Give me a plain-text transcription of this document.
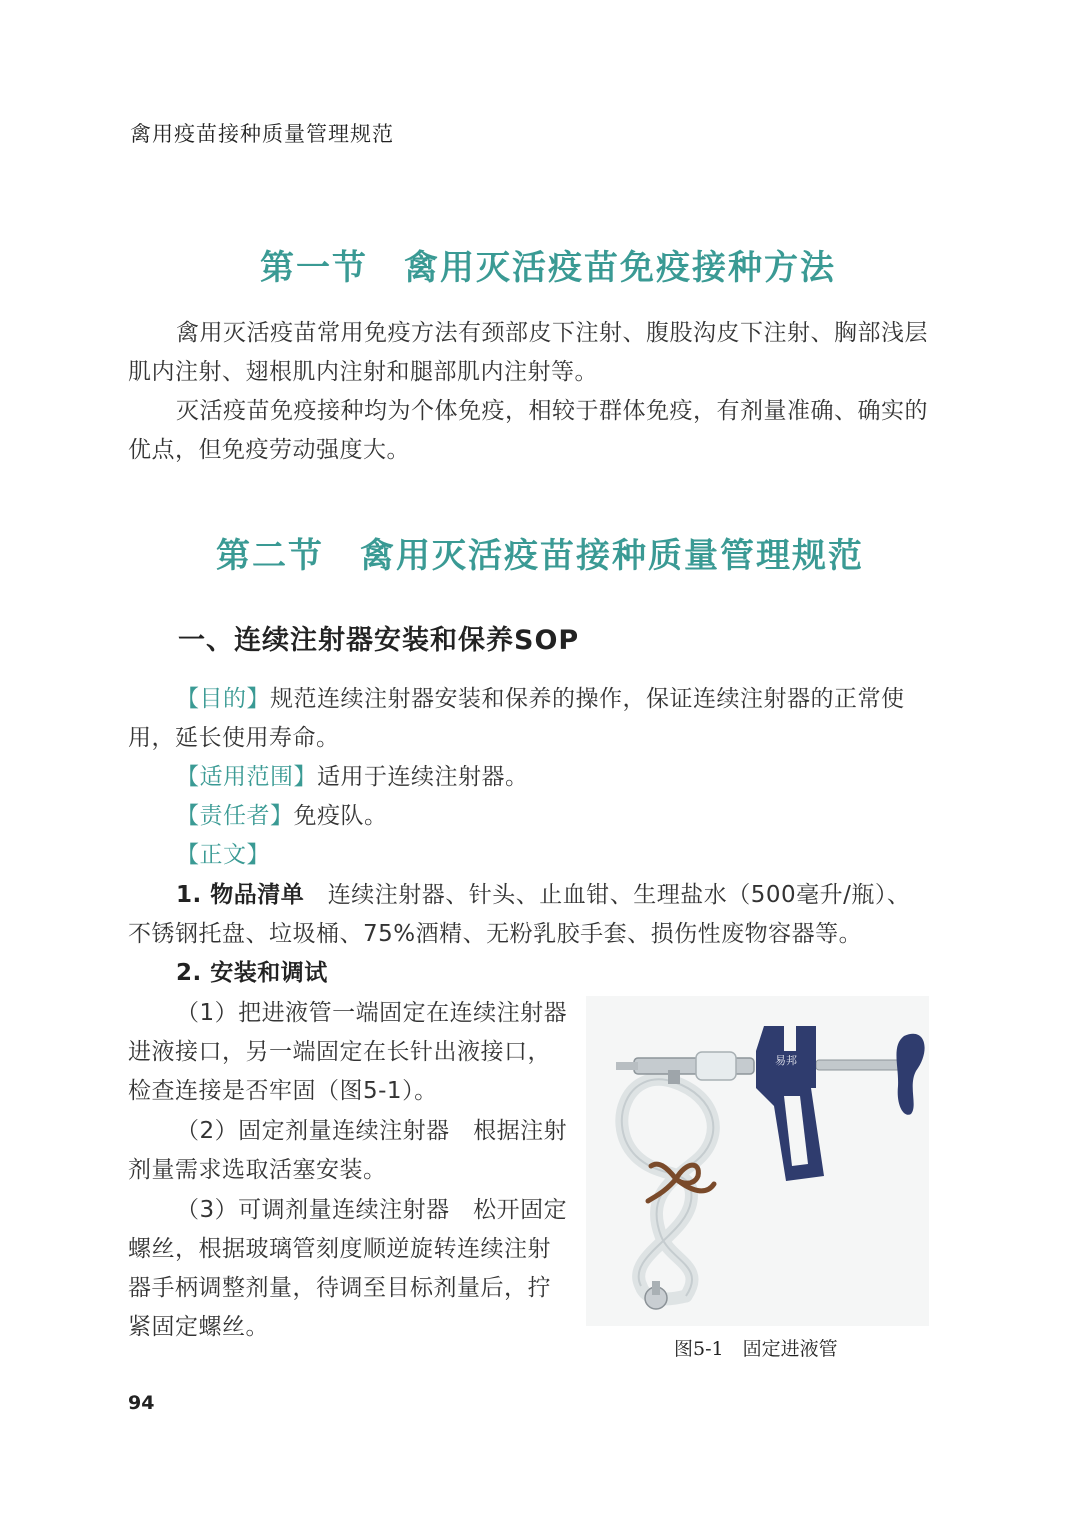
禽用疫苗接种质量管理规范
第一节　禽用灭活疫苗免疫接种方法
禽用灭活疫苗常用免疫方法有颈部皮下注射、腹股沟皮下注射、胸部浅层肌内注射、翅根肌内注射和腿部肌内注射等。
灭活疫苗免疫接种均为个体免疫，相较于群体免疫，有剂量准确、确实的优点，但免疫劳动强度大。
第二节　禽用灭活疫苗接种质量管理规范
一、连续注射器安装和保养SOP
【目的】规范连续注射器安装和保养的操作，保证连续注射器的正常使用，延长使用寿命。
【适用范围】适用于连续注射器。
【责任者】免疫队。
【正文】
1. 物品清单　连续注射器、针头、止血钳、生理盐水（500毫升/瓶）、不锈钢托盘、垃圾桶、75%酒精、无粉乳胶手套、损伤性废物容器等。
2. 安装和调试
（1）把进液管一端固定在连续注射器进液接口，另一端固定在长针出液接口，检查连接是否牢固（图5-1）。
（2）固定剂量连续注射器　根据注射剂量需求选取活塞安装。
（3）可调剂量连续注射器　松开固定螺丝，根据玻璃管刻度顺逆旋转连续注射器手柄调整剂量，待调至目标剂量后，拧紧固定螺丝。
易邦
图5-1　固定进液管
94
